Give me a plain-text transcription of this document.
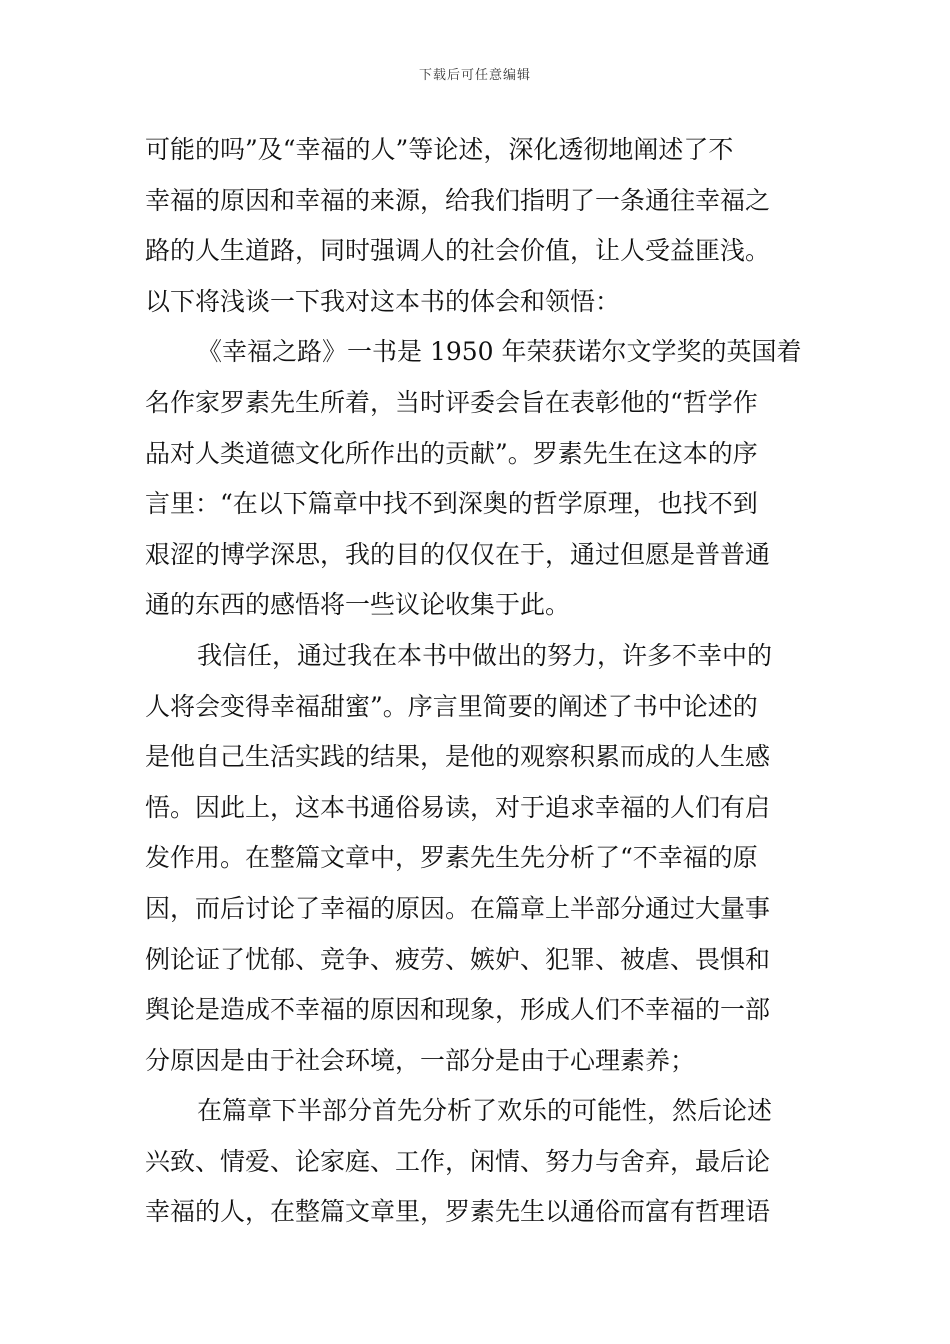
下载后可任意编辑
可能的吗”及“幸福的人”等论述，深化透彻地阐述了不
幸福的原因和幸福的来源，给我们指明了一条通往幸福之
路的人生道路，同时强调人的社会价值，让人受益匪浅。
以下将浅谈一下我对这本书的体会和领悟：
《幸福之路》一书是 1950 年荣获诺尔文学奖的英国着
名作家罗素先生所着，当时评委会旨在表彰他的“哲学作
品对人类道德文化所作出的贡献”。罗素先生在这本的序
言里：“在以下篇章中找不到深奥的哲学原理，也找不到
艰涩的博学深思，我的目的仅仅在于，通过但愿是普普通
通的东西的感悟将一些议论收集于此。
我信任，通过我在本书中做出的努力，许多不幸中的
人将会变得幸福甜蜜”。序言里简要的阐述了书中论述的
是他自己生活实践的结果，是他的观察积累而成的人生感
悟。因此上，这本书通俗易读，对于追求幸福的人们有启
发作用。在整篇文章中，罗素先生先分析了“不幸福的原
因，而后讨论了幸福的原因。在篇章上半部分通过大量事
例论证了忧郁、竞争、疲劳、嫉妒、犯罪、被虐、畏惧和
舆论是造成不幸福的原因和现象，形成人们不幸福的一部
分原因是由于社会环境，一部分是由于心理素养；
在篇章下半部分首先分析了欢乐的可能性，然后论述
兴致、情爱、论家庭、工作，闲情、努力与舍弃，最后论
幸福的人，在整篇文章里，罗素先生以通俗而富有哲理语
